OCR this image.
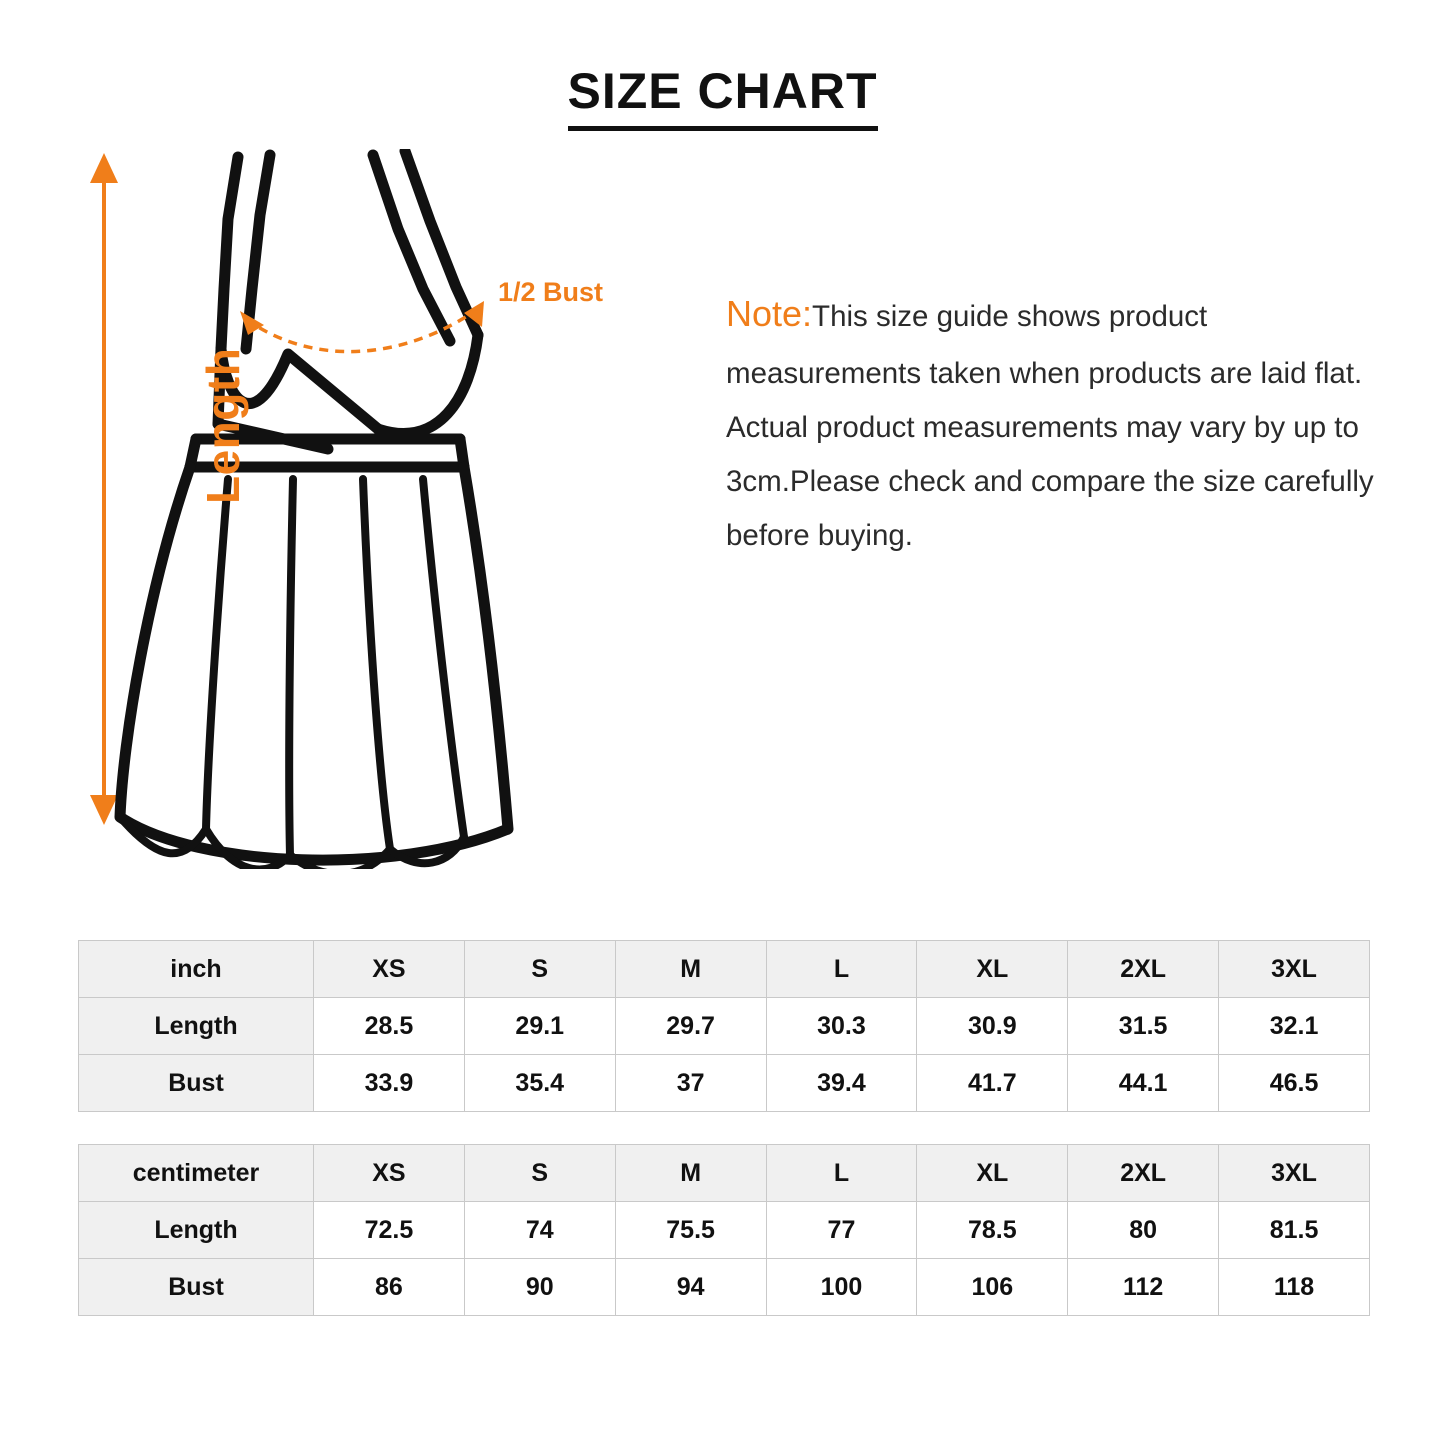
SIZE CHART
Length
1/2 Bust
Note:This size guide shows product measurements taken when products are laid flat. Actual product measurements may vary by up to 3cm.Please check and compare the size carefully before buying.
inch	XS	S	M	L	XL	2XL	3XL
Length	28.5	29.1	29.7	30.3	30.9	31.5	32.1
Bust	33.9	35.4	37	39.4	41.7	44.1	46.5
centimeter	XS	S	M	L	XL	2XL	3XL
Length	72.5	74	75.5	77	78.5	80	81.5
Bust	86	90	94	100	106	112	118
